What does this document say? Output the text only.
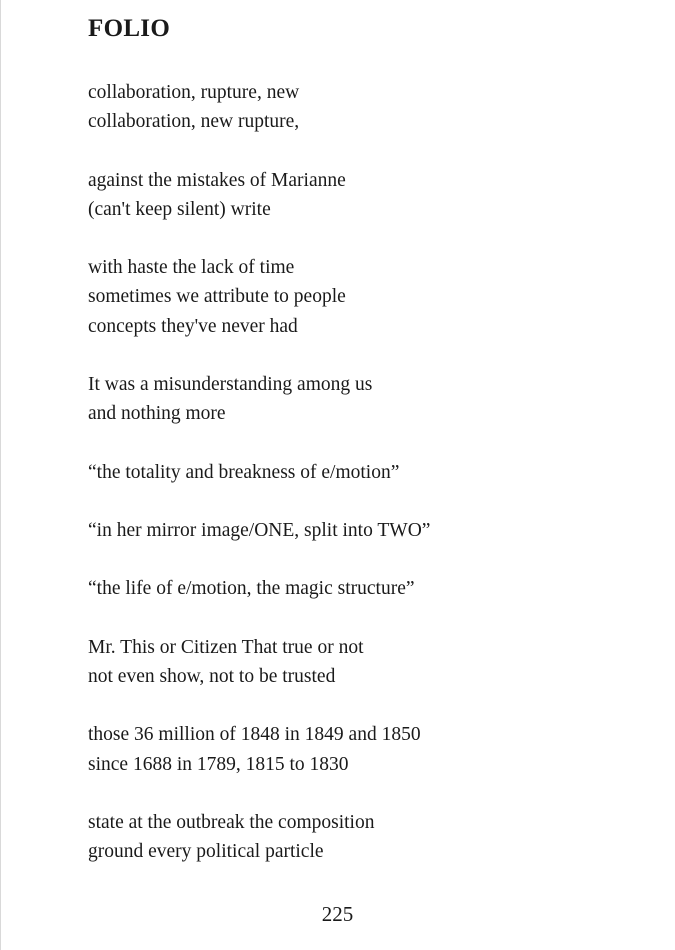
FOLIO
collaboration, rupture, new
collaboration, new rupture,
against the mistakes of Marianne
(can't keep silent) write
with haste the lack of time
sometimes we attribute to people
concepts they've never had
It was a misunderstanding among us
and nothing more
“the totality and breakness of e/motion”
“in her mirror image/ONE, split into TWO”
“the life of e/motion, the magic structure”
Mr. This or Citizen That true or not
not even show, not to be trusted
those 36 million of 1848 in 1849 and 1850
since 1688 in 1789, 1815 to 1830
state at the outbreak the composition
ground every political particle

225
